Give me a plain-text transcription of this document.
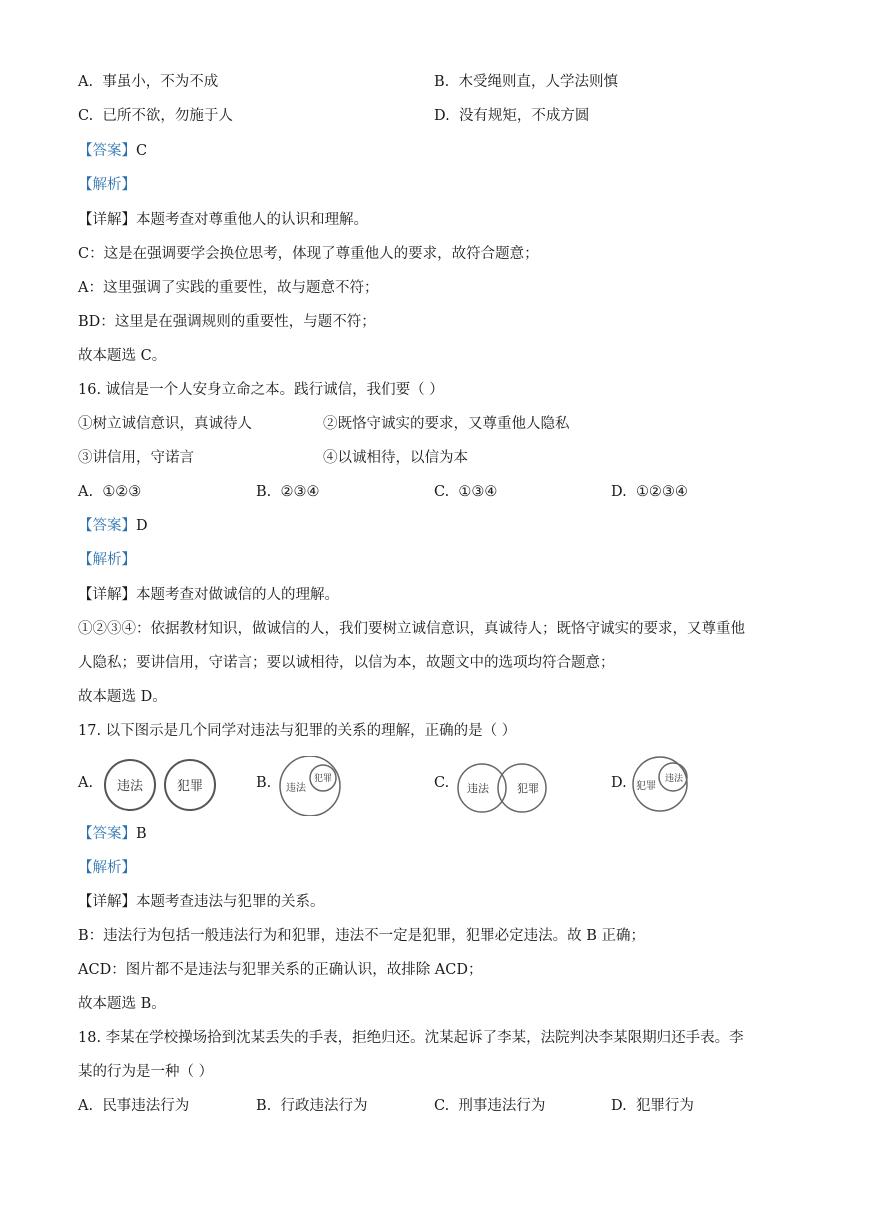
A. 事虽小，不为不成	B. 木受绳则直，人学法则慎
C. 已所不欲，勿施于人	D. 没有规矩，不成方圆
【答案】C
【解析】
【详解】本题考查对尊重他人的认识和理解。
C：这是在强调要学会换位思考，体现了尊重他人的要求，故符合题意；
A：这里强调了实践的重要性，故与题意不符；
BD：这里是在强调规则的重要性，与题不符；
故本题选 C。
16. 诚信是一个人安身立命之本。践行诚信，我们要（ ）
①树立诚信意识，真诚待人	②既恪守诚实的要求，又尊重他人隐私
③讲信用，守诺言	④以诚相待，以信为本
A. ①②③	B. ②③④	C. ①③④	D. ①②③④
【答案】D
【解析】
【详解】本题考查对做诚信的人的理解。
①②③④：依据教材知识，做诚信的人，我们要树立诚信意识，真诚待人；既恪守诚实的要求，又尊重他
人隐私；要讲信用，守诺言；要以诚相待，以信为本，故题文中的选项均符合题意；
故本题选 D。
17. 以下图示是几个同学对违法与犯罪的关系的理解，正确的是（ ）
A. 违法	犯罪	B. 违法
犯罪	C. 违法	犯罪	D. 犯罪
违法
【答案】B
【解析】
【详解】本题考查违法与犯罪的关系。
B：违法行为包括一般违法行为和犯罪，违法不一定是犯罪，犯罪必定违法。故 B 正确；
ACD：图片都不是违法与犯罪关系的正确认识，故排除 ACD；
故本题选 B。
18. 李某在学校操场拾到沈某丢失的手表，拒绝归还。沈某起诉了李某，法院判决李某限期归还手表。李
某的行为是一种（ ）
A. 民事违法行为	B. 行政违法行为	C. 刑事违法行为	D. 犯罪行为
